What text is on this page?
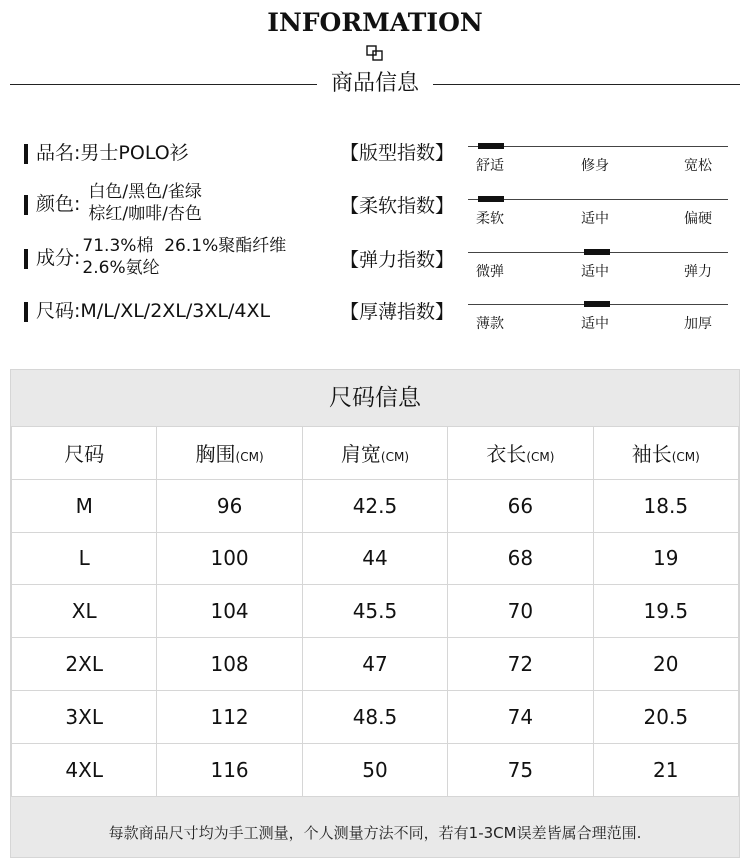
INFORMATION
商品信息
品名: 男士POLO衫
颜色:
白色/黑色/雀绿
棕红/咖啡/杏色
成分:
71.3%棉  26.1%聚酯纤维
2.6%氨纶
尺码: M/L/XL/2XL/3XL/4XL
【版型指数】
舒适	修身	宽松
【柔软指数】
柔软	适中	偏硬
【弹力指数】
微弹	适中	弹力
【厚薄指数】
薄款	适中	加厚
尺码信息
尺码	胸围(CM)	肩宽(CM)	衣长(CM)	袖长(CM)
M	96	42.5	66	18.5
L	100	44	68	19
XL	104	45.5	70	19.5
2XL	108	47	72	20
3XL	112	48.5	74	20.5
4XL	116	50	75	21
每款商品尺寸均为手工测量，个人测量方法不同，若有1-3CM误差皆属合理范围.
